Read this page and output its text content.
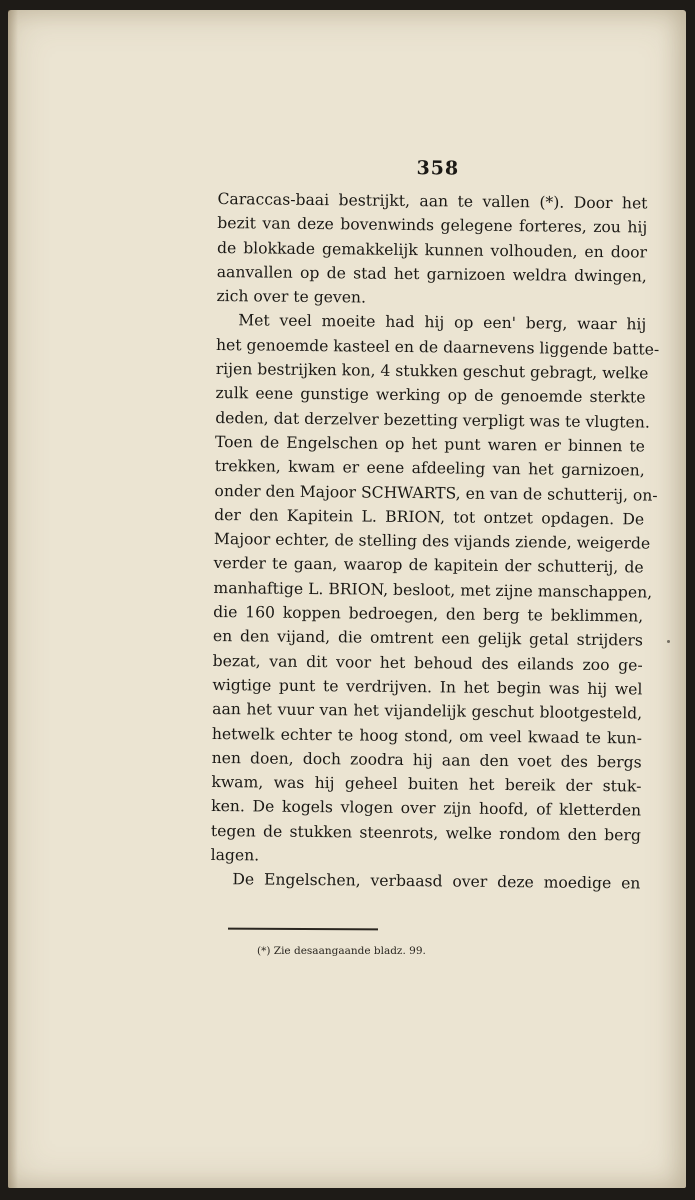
358

Caraccas-baai bestrijkt, aan te vallen (*). Door het

bezit van deze bovenwinds gelegene forteres, zou hij

de blokkade gemakkelijk kunnen volhouden, en door

aanvallen op de stad het garnizoen weldra dwingen,

zich over te geven.

Met veel moeite had hij op een' berg, waar hij

het genoemde kasteel en de daarnevens liggende batte-

rijen bestrijken kon, 4 stukken geschut gebragt, welke

zulk eene gunstige werking op de genoemde sterkte

deden, dat derzelver bezetting verpligt was te vlugten.

Toen de Engelschen op het punt waren er binnen te

trekken, kwam er eene afdeeling van het garnizoen,

onder den Majoor SCHWARTS, en van de schutterij, on-

der den Kapitein L. BRION, tot ontzet opdagen. De

Majoor echter, de stelling des vijands ziende, weigerde

verder te gaan, waarop de kapitein der schutterij, de

manhaftige L. BRION, besloot, met zijne manschappen,

die 160 koppen bedroegen, den berg te beklimmen,

en den vijand, die omtrent een gelijk getal strijders

bezat, van dit voor het behoud des eilands zoo ge-

wigtige punt te verdrijven. In het begin was hij wel

aan het vuur van het vijandelijk geschut blootgesteld,

hetwelk echter te hoog stond, om veel kwaad te kun-

nen doen, doch zoodra hij aan den voet des bergs

kwam, was hij geheel buiten het bereik der stuk-

ken. De kogels vlogen over zijn hoofd, of kletterden

tegen de stukken steenrots, welke rondom den berg

lagen.

De Engelschen, verbaasd over deze moedige en

(*) Zie desaangaande bladz. 99.
